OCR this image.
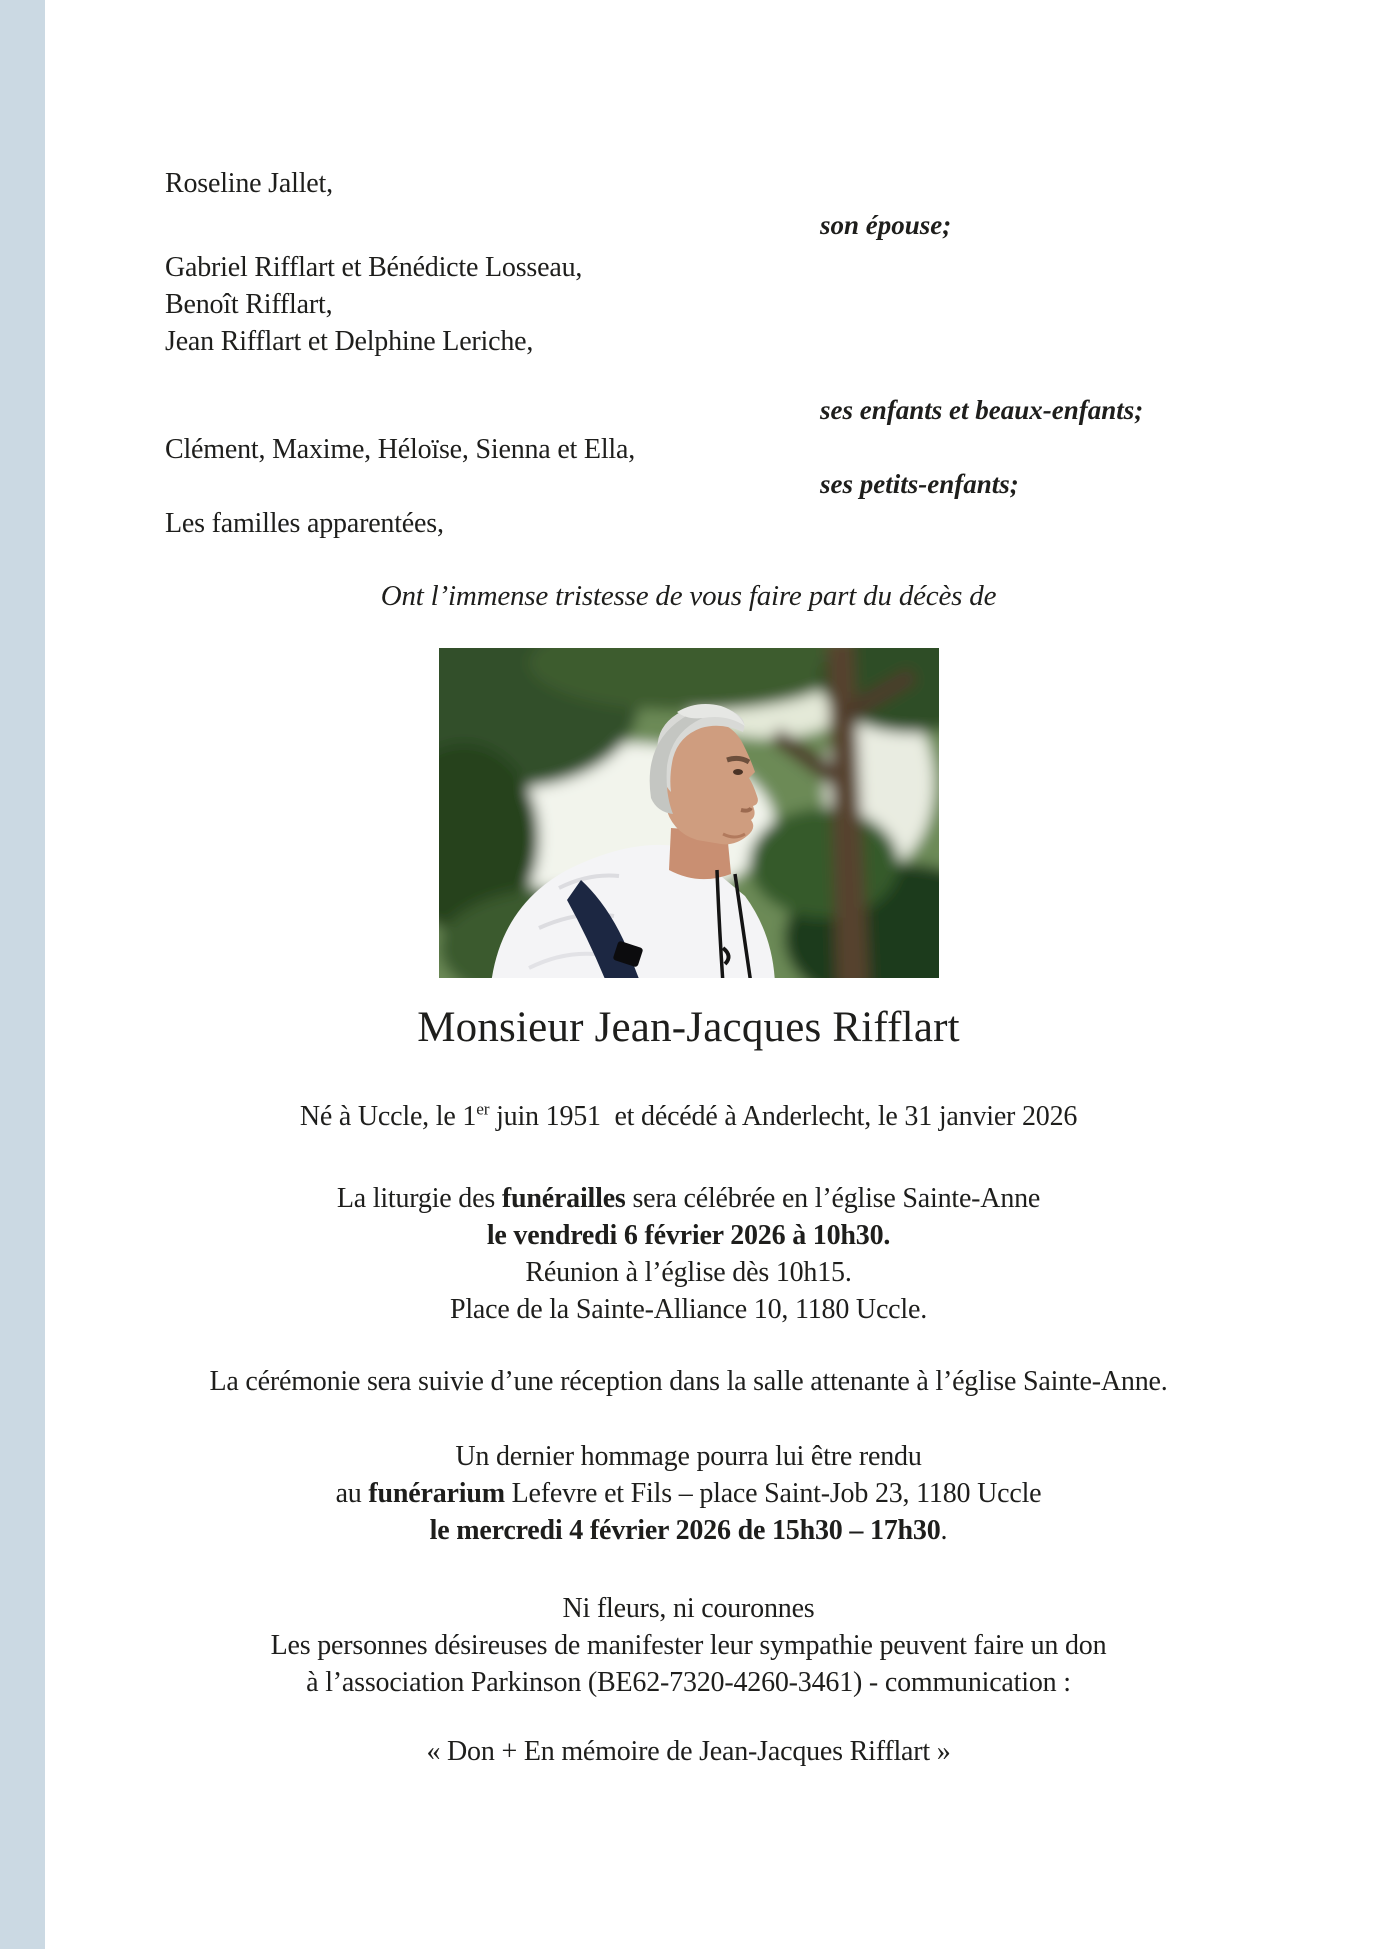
Roseline Jallet,
son épouse;
Gabriel Rifflart et Bénédicte Losseau,
Benoît Rifflart,
Jean Rifflart et Delphine Leriche,
ses enfants et beaux-enfants;
Clément, Maxime, Héloïse, Sienna et Ella,
ses petits-enfants;
Les familles apparentées,
Ont l’immense tristesse de vous faire part du décès de
Monsieur Jean-Jacques Rifflart
Né à Uccle, le 1er juin 1951  et décédé à Anderlecht, le 31 janvier 2026
La liturgie des funérailles sera célébrée en l’église Sainte-Anne
le vendredi 6 février 2026 à 10h30.
Réunion à l’église dès 10h15.
Place de la Sainte-Alliance 10, 1180 Uccle.
La cérémonie sera suivie d’une réception dans la salle attenante à l’église Sainte-Anne.
Un dernier hommage pourra lui être rendu
au funérarium Lefevre et Fils – place Saint-Job 23, 1180 Uccle
le mercredi 4 février 2026 de 15h30 – 17h30.
Ni fleurs, ni couronnes
Les personnes désireuses de manifester leur sympathie peuvent faire un don
à l’association Parkinson (BE62-7320-4260-3461) - communication :
« Don + En mémoire de Jean-Jacques Rifflart »
